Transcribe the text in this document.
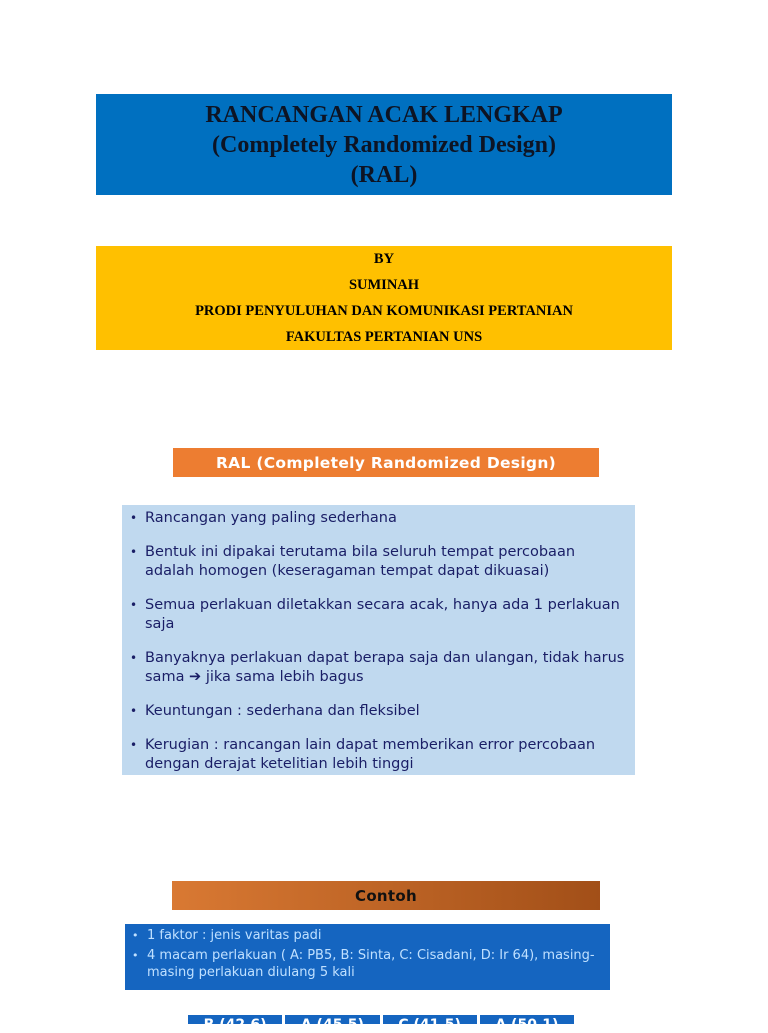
RANCANGAN ACAK LENGKAP
(Completely Randomized Design)
(RAL)
BY
SUMINAH
PRODI PENYULUHAN DAN KOMUNIKASI PERTANIAN
FAKULTAS PERTANIAN UNS
RAL (Completely Randomized Design)
• Rancangan yang paling sederhana
• Bentuk ini dipakai terutama bila seluruh tempat percobaan adalah homogen (keseragaman tempat dapat dikuasai)
• Semua perlakuan diletakkan secara acak, hanya ada 1 perlakuan saja
• Banyaknya perlakuan dapat berapa saja dan ulangan, tidak harus sama ➔ jika sama lebih bagus
• Keuntungan : sederhana dan fleksibel
• Kerugian : rancangan lain dapat memberikan error percobaan dengan derajat ketelitian lebih tinggi
Contoh
• 1 faktor : jenis varitas padi
• 4 macam perlakuan ( A: PB5, B: Sinta, C: Cisadani, D: Ir 64), masing-masing perlakuan diulang 5 kali
B (42.6)	A (45.5)	C (41.5)	A (50.1)
